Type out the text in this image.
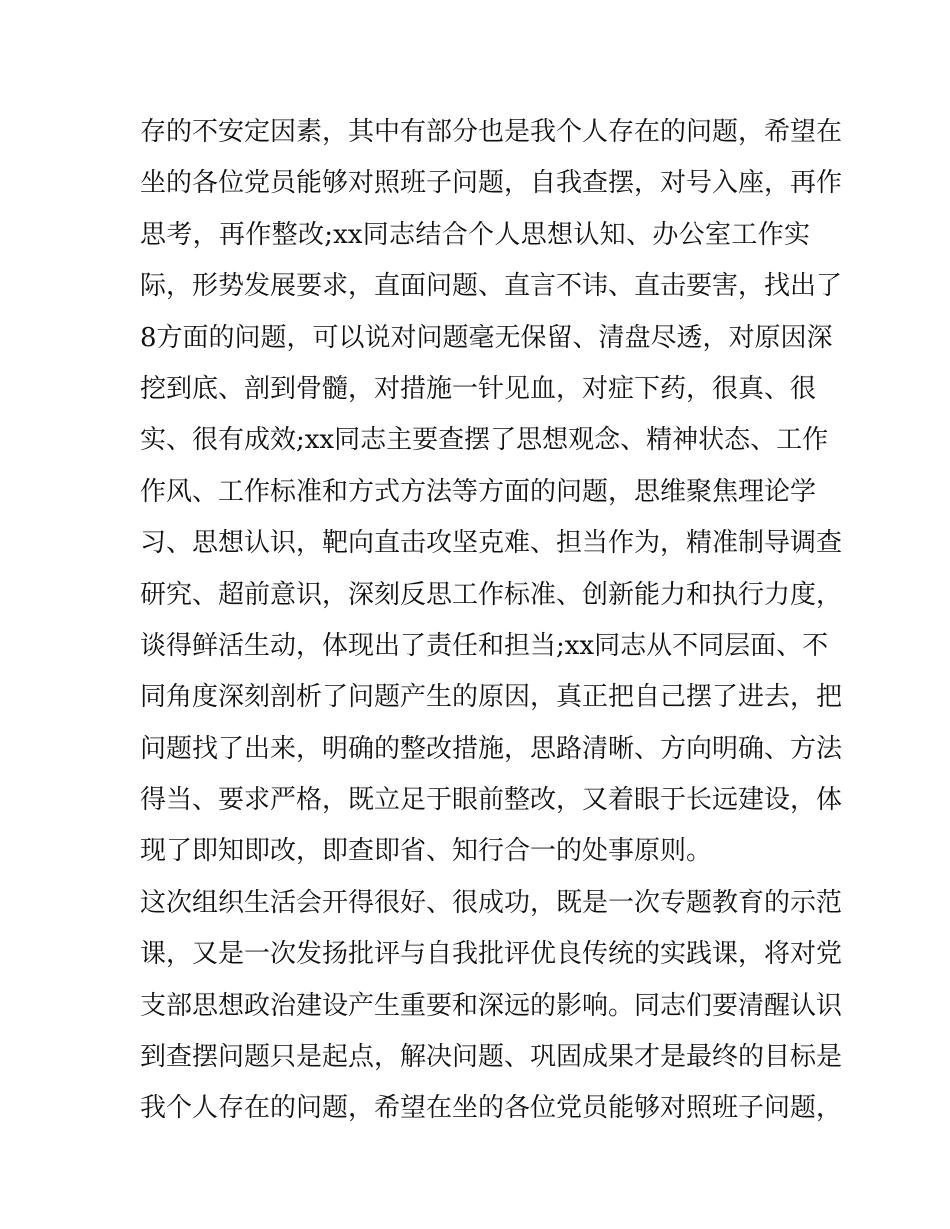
存的不安定因素，其中有部分也是我个人存在的问题，希望在
坐的各位党员能够对照班子问题，自我查摆，对号入座，再作
思考，再作整改;xx同志结合个人思想认知、办公室工作实
际，形势发展要求，直面问题、直言不讳、直击要害，找出了
8方面的问题，可以说对问题毫无保留、清盘尽透，对原因深
挖到底、剖到骨髓，对措施一针见血，对症下药，很真、很
实、很有成效;xx同志主要查摆了思想观念、精神状态、工作
作风、工作标准和方式方法等方面的问题，思维聚焦理论学
习、思想认识，靶向直击攻坚克难、担当作为，精准制导调查
研究、超前意识，深刻反思工作标准、创新能力和执行力度，
谈得鲜活生动，体现出了责任和担当;xx同志从不同层面、不
同角度深刻剖析了问题产生的原因，真正把自己摆了进去，把
问题找了出来，明确的整改措施，思路清晰、方向明确、方法
得当、要求严格，既立足于眼前整改，又着眼于长远建设，体
现了即知即改，即查即省、知行合一的处事原则。
这次组织生活会开得很好、很成功，既是一次专题教育的示范
课，又是一次发扬批评与自我批评优良传统的实践课，将对党
支部思想政治建设产生重要和深远的影响。同志们要清醒认识
到查摆问题只是起点，解决问题、巩固成果才是最终的目标是
我个人存在的问题，希望在坐的各位党员能够对照班子问题，
